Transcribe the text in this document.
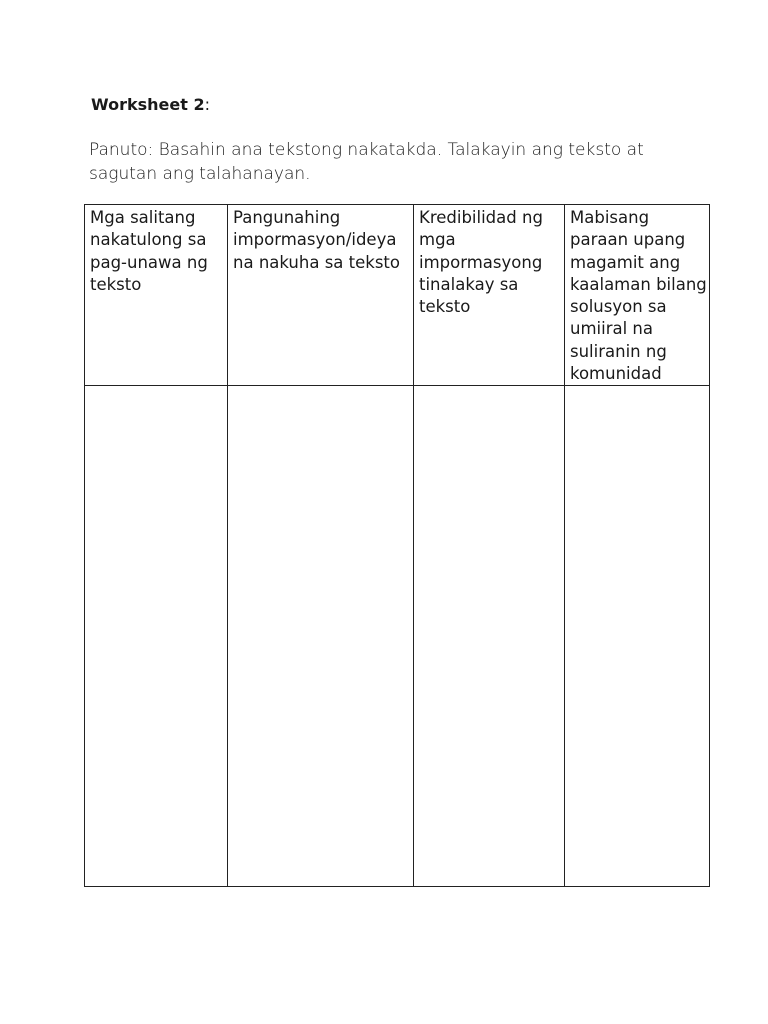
Worksheet 2:
Panuto: Basahin ana tekstong nakatakda. Talakayin ang teksto at sagutan ang talahanayan.
Mga salitang nakatulong sa pag-unawa ng teksto	Pangunahing impormasyon/ideya na nakuha sa teksto	Kredibilidad ng mga impormasyong tinalakay sa teksto	Mabisang paraan upang magamit ang kaalaman bilang solusyon sa umiiral na suliranin ng komunidad
